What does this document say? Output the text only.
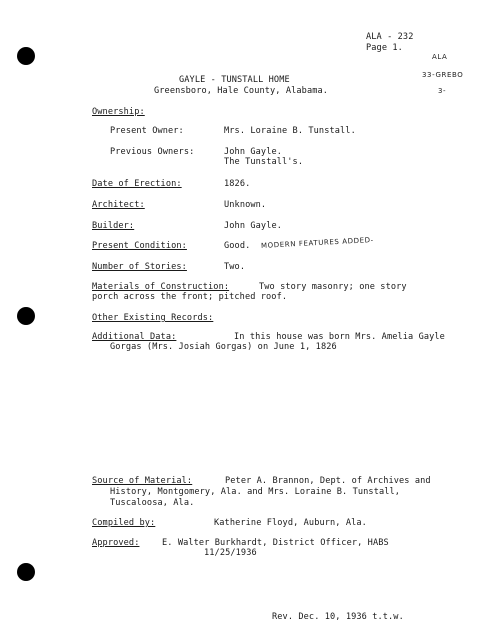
ALA - 232
Page 1.
ALA
33-GREBO
3-
GAYLE - TUNSTALL HOME
Greensboro, Hale County, Alabama.
Ownership:
Present Owner:	Mrs. Loraine B. Tunstall.
Previous Owners:	John Gayle.
The Tunstall's.
Date of Erection:	1826.
Architect:	Unknown.
Builder:	John Gayle.
Present Condition:	Good. MODERN FEATURES ADDED-
Number of Stories:	Two.
Materials of Construction:	Two story masonry; one story
porch across the front; pitched roof.
Other Existing Records:
Additional Data:	In this house was born Mrs. Amelia Gayle
Gorgas (Mrs. Josiah Gorgas) on June 1, 1826
Source of Material:	Peter A. Brannon, Dept. of Archives and
History, Montgomery, Ala. and Mrs. Loraine B. Tunstall,
Tuscaloosa, Ala.
Compiled by:	Katherine Floyd, Auburn, Ala.
Approved:	E. Walter Burkhardt, District Officer, HABS
11/25/1936
Rev. Dec. 10, 1936 t.t.w.
